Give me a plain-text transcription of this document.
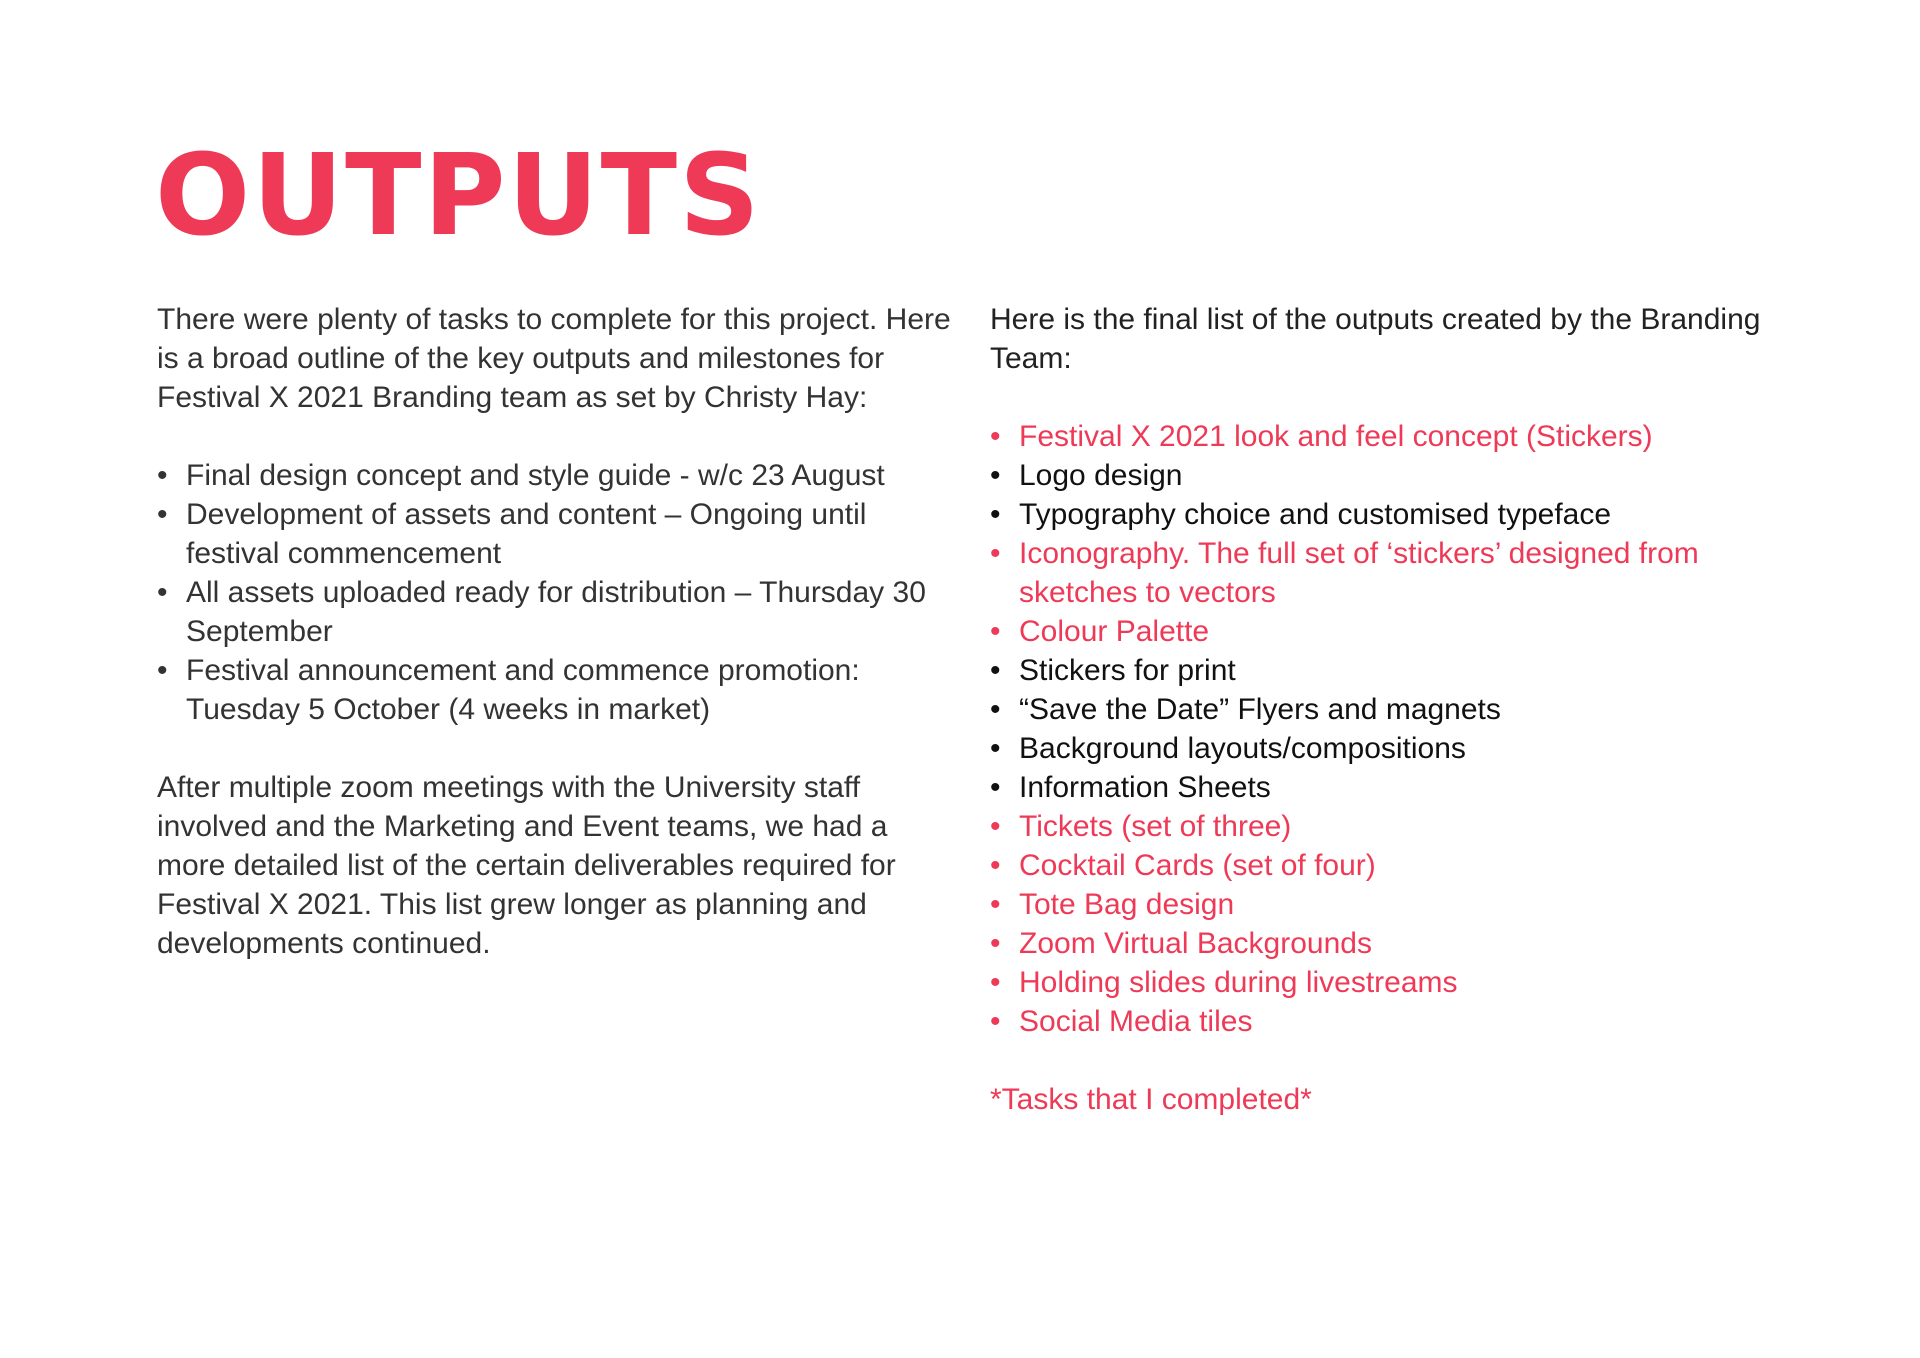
OUTPUTS

There were plenty of tasks to complete for this project. Here is a broad outline of the key outputs and milestones for Festival X 2021 Branding team as set by Christy Hay:

• Final design concept and style guide - w/c 23 August
• Development of assets and content – Ongoing until festival commencement
• All assets uploaded ready for distribution – Thursday 30 September
• Festival announcement and commence promotion: Tuesday 5 October (4 weeks in market)

After multiple zoom meetings with the University staff involved and the Marketing and Event teams, we had a more detailed list of the certain deliverables required for Festival X 2021. This list grew longer as planning and developments continued.

Here is the final list of the outputs created by the Branding Team:

• Festival X 2021 look and feel concept (Stickers)
• Logo design
• Typography choice and customised typeface
• Iconography. The full set of ‘stickers’ designed from sketches to vectors
• Colour Palette
• Stickers for print
• “Save the Date” Flyers and magnets
• Background layouts/compositions
• Information Sheets
• Tickets (set of three)
• Cocktail Cards (set of four)
• Tote Bag design
• Zoom Virtual Backgrounds
• Holding slides during livestreams
• Social Media tiles

*Tasks that I completed*
